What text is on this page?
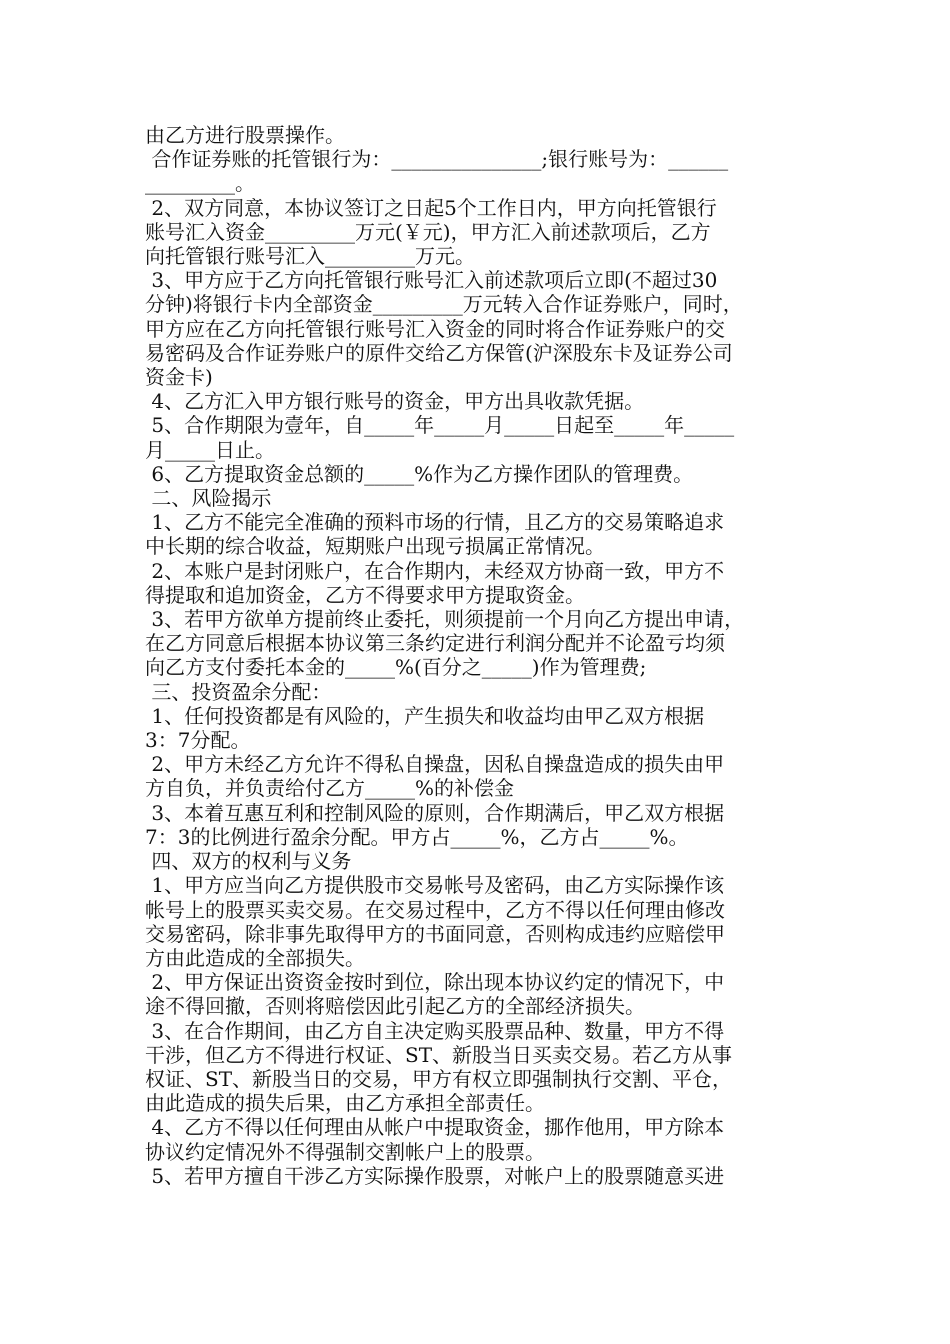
由乙方进行股票操作。

合作证券账的托管银行为：_______________;银行账号为：______

_________。

2、双方同意，本协议签订之日起5个工作日内，甲方向托管银行

账号汇入资金_________万元(￥元)，甲方汇入前述款项后，乙方

向托管银行账号汇入_________万元。

3、甲方应于乙方向托管银行账号汇入前述款项后立即(不超过30

分钟)将银行卡内全部资金_________万元转入合作证券账户，同时，

甲方应在乙方向托管银行账号汇入资金的同时将合作证券账户的交

易密码及合作证券账户的原件交给乙方保管(沪深股东卡及证券公司

资金卡)

4、乙方汇入甲方银行账号的资金，甲方出具收款凭据。

5、合作期限为壹年，自_____年_____月_____日起至_____年_____

月_____日止。

6、乙方提取资金总额的_____%作为乙方操作团队的管理费。

二、风险揭示

1、乙方不能完全准确的预料市场的行情，且乙方的交易策略追求

中长期的综合收益，短期账户出现亏损属正常情况。

2、本账户是封闭账户，在合作期内，未经双方协商一致，甲方不

得提取和追加资金，乙方不得要求甲方提取资金。

3、若甲方欲单方提前终止委托，则须提前一个月向乙方提出申请，

在乙方同意后根据本协议第三条约定进行利润分配并不论盈亏均须

向乙方支付委托本金的_____%(百分之_____)作为管理费;

三、投资盈余分配：

1、任何投资都是有风险的，产生损失和收益均由甲乙双方根据

3：7分配。

2、甲方未经乙方允许不得私自操盘，因私自操盘造成的损失由甲

方自负，并负责给付乙方_____%的补偿金

3、本着互惠互利和控制风险的原则，合作期满后，甲乙双方根据

7：3的比例进行盈余分配。甲方占_____%，乙方占_____%。

四、双方的权利与义务

1、甲方应当向乙方提供股市交易帐号及密码，由乙方实际操作该

帐号上的股票买卖交易。在交易过程中，乙方不得以任何理由修改

交易密码，除非事先取得甲方的书面同意，否则构成违约应赔偿甲

方由此造成的全部损失。

2、甲方保证出资资金按时到位，除出现本协议约定的情况下，中

途不得回撤，否则将赔偿因此引起乙方的全部经济损失。

3、在合作期间，由乙方自主决定购买股票品种、数量，甲方不得

干涉，但乙方不得进行权证、ST、新股当日买卖交易。若乙方从事

权证、ST、新股当日的交易，甲方有权立即强制执行交割、平仓，

由此造成的损失后果，由乙方承担全部责任。

4、乙方不得以任何理由从帐户中提取资金，挪作他用，甲方除本

协议约定情况外不得强制交割帐户上的股票。

5、若甲方擅自干涉乙方实际操作股票，对帐户上的股票随意买进
